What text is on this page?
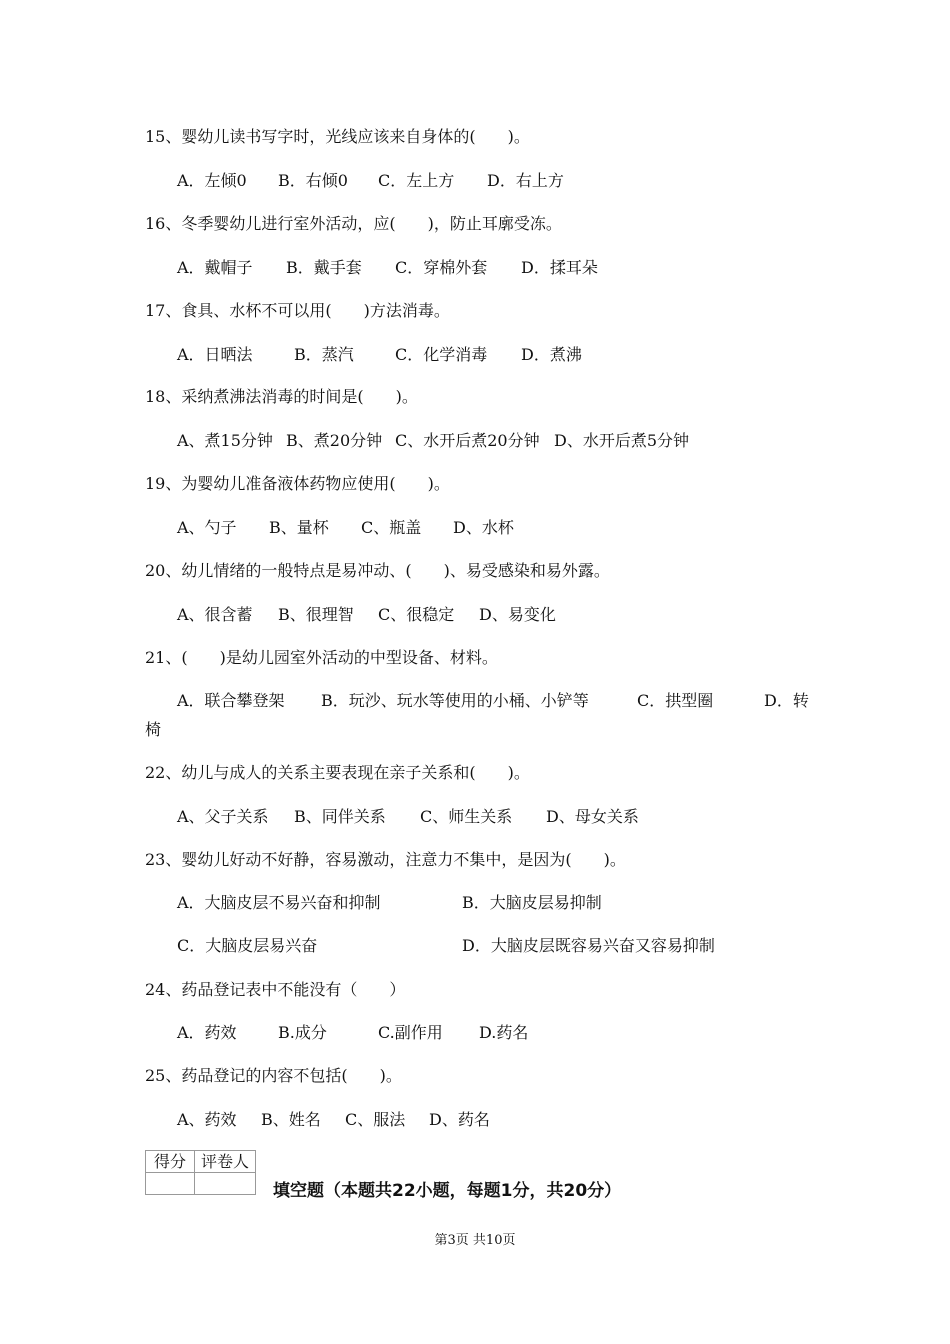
15、婴幼儿读书写字时，光线应该来自身体的(　　)。
A．左倾0 B．右倾0 C．左上方 D．右上方
16、冬季婴幼儿进行室外活动，应(　　)，防止耳廓受冻。
A．戴帽子 B．戴手套 C．穿棉外套 D．揉耳朵
17、食具、水杯不可以用(　　)方法消毒。
A．日晒法	B．蒸汽	C．化学消毒 D．煮沸
18、采纳煮沸法消毒的时间是(　　)。
A、煮15分钟 B、煮20分钟 C、水开后煮20分钟 D、水开后煮5分钟
19、为婴幼儿准备液体药物应使用(　　)。
A、勺子 B、量杯 C、瓶盖 D、水杯
20、幼儿情绪的一般特点是易冲动、(　　)、易受感染和易外露。
A、很含蓄 B、很理智 C、很稳定 D、易变化
21、(　　)是幼儿园室外活动的中型设备、材料。
A．联合攀登架 B．玩沙、玩水等使用的小桶、小铲等	C．拱型圈	D．转
椅
22、幼儿与成人的关系主要表现在亲子关系和(　　)。
A、父子关系 B、同伴关系 C、师生关系 D、母女关系
23、婴幼儿好动不好静，容易激动，注意力不集中，是因为(　　)。
A．大脑皮层不易兴奋和抑制	B．大脑皮层易抑制
C．大脑皮层易兴奋	D．大脑皮层既容易兴奋又容易抑制
24、药品登记表中不能没有（　　）
A．药效	B.成分	C.副作用 D.药名
25、药品登记的内容不包括(　　)。
A、药效 B、姓名 C、服法 D、药名
得分	评卷人

填空题（本题共22小题，每题1分，共20分）
第3页 共10页
